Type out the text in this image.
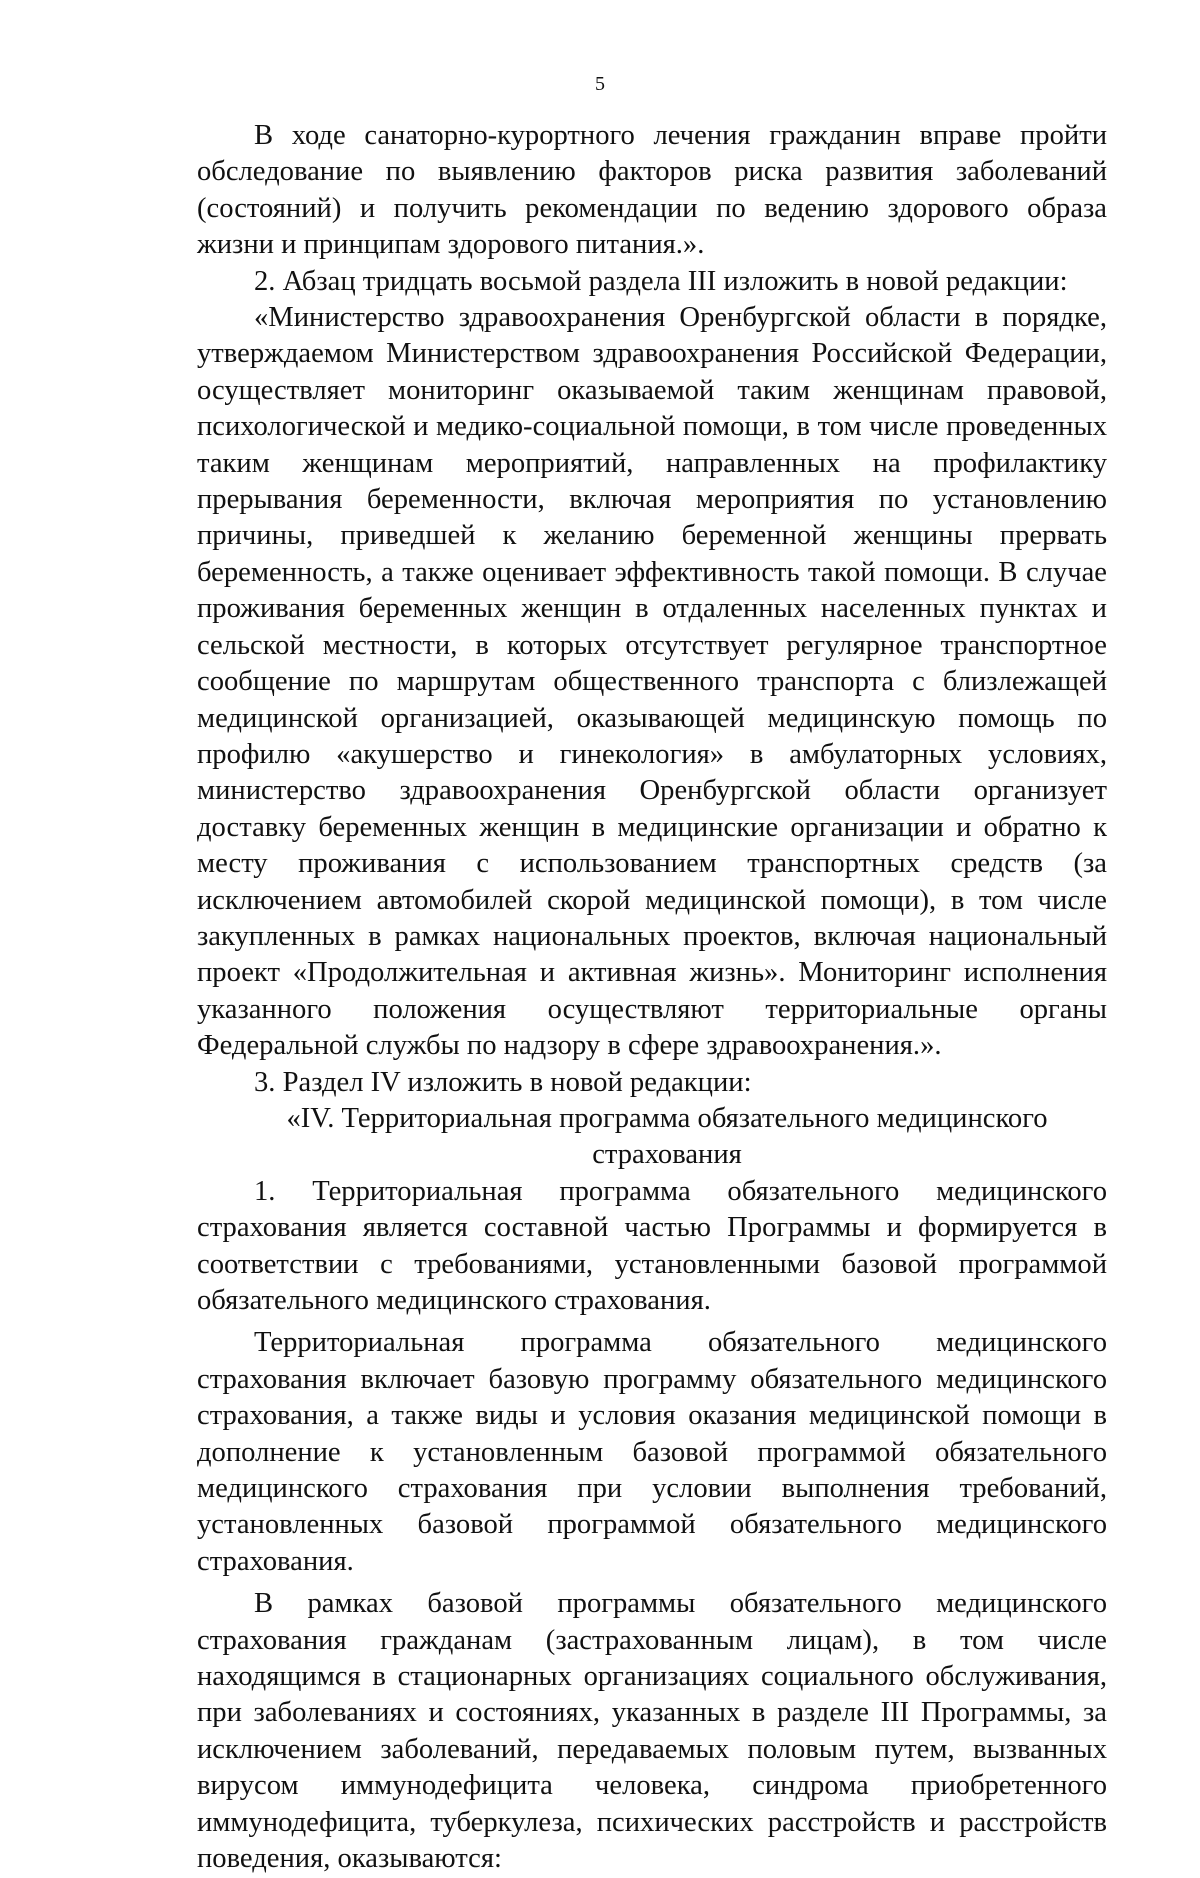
5

В ходе санаторно-курортного лечения гражданин вправе пройти обследование по выявлению факторов риска развития заболеваний (состояний) и получить рекомендации по ведению здорового образа жизни и принципам здорового питания.».

2. Абзац тридцать восьмой раздела III изложить в новой редакции:

«Министерство здравоохранения Оренбургской области в порядке, утверждаемом Министерством здравоохранения Российской Федерации, осуществляет мониторинг оказываемой таким женщинам правовой, психологической и медико-социальной помощи, в том числе проведенных таким женщинам мероприятий, направленных на профилактику прерывания беременности, включая мероприятия по установлению причины, приведшей к желанию беременной женщины прервать беременность, а также оценивает эффективность такой помощи. В случае проживания беременных женщин в отдаленных населенных пунктах и сельской местности, в которых отсутствует регулярное транспортное сообщение по маршрутам общественного транспорта с близлежащей медицинской организацией, оказывающей медицинскую помощь по профилю «акушерство и гинекология» в амбулаторных условиях, министерство здравоохранения Оренбургской области организует доставку беременных женщин в медицинские организации и обратно к месту проживания с использованием транспортных средств (за исключением автомобилей скорой медицинской помощи), в том числе закупленных в рамках национальных проектов, включая национальный проект «Продолжительная и активная жизнь». Мониторинг исполнения указанного положения осуществляют территориальные органы Федеральной службы по надзору в сфере здравоохранения.».

3. Раздел IV изложить в новой редакции:

«IV. Территориальная программа обязательного медицинского страхования

1. Территориальная программа обязательного медицинского страхования является составной частью Программы и формируется в соответствии с требованиями, установленными базовой программой обязательного медицинского страхования.

Территориальная программа обязательного медицинского страхования включает базовую программу обязательного медицинского страхования, а также виды и условия оказания медицинской помощи в дополнение к установленным базовой программой обязательного медицинского страхования при условии выполнения требований, установленных базовой программой обязательного медицинского страхования.

В рамках базовой программы обязательного медицинского страхования гражданам (застрахованным лицам), в том числе находящимся в стационарных организациях социального обслуживания, при заболеваниях и состояниях, указанных в разделе III Программы, за исключением заболеваний, передаваемых половым путем, вызванных вирусом иммунодефицита человека, синдрома приобретенного иммунодефицита, туберкулеза, психических расстройств и расстройств поведения, оказываются:
